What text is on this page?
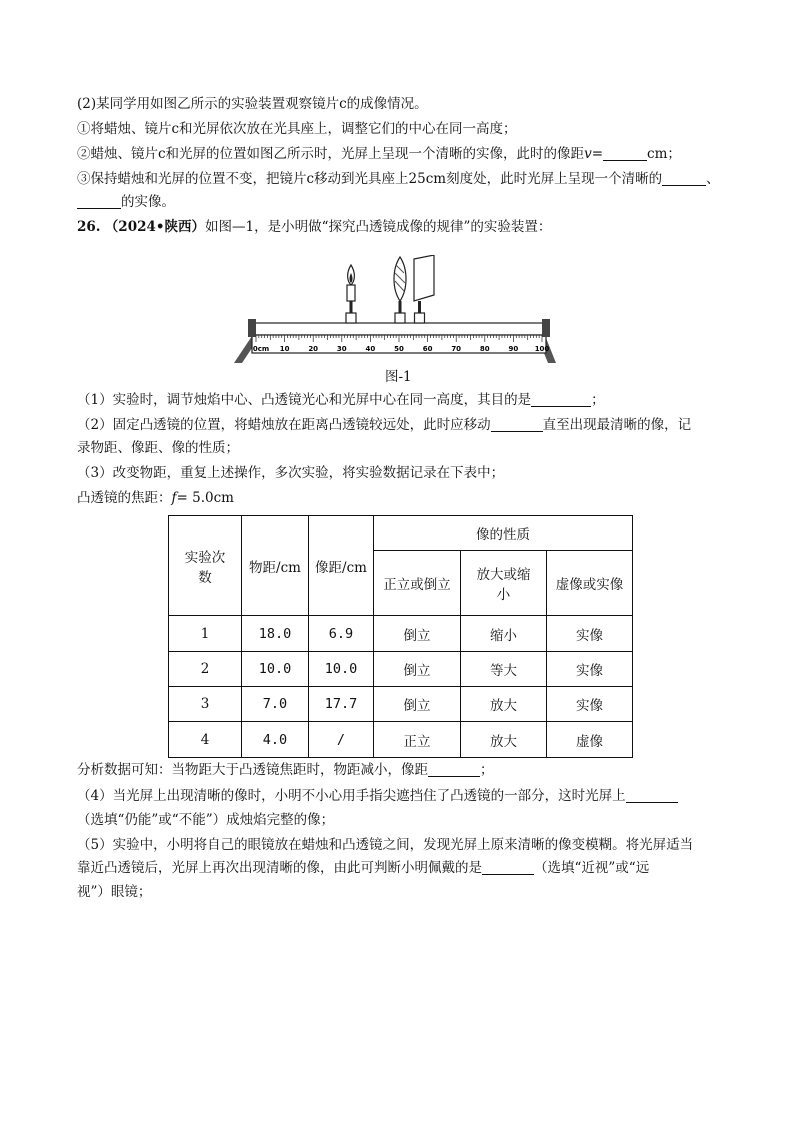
(2)某同学用如图乙所示的实验装置观察镜片c的成像情况。
①将蜡烛、镜片c和光屏依次放在光具座上，调整它们的中心在同一高度；
②蜡烛、镜片c和光屏的位置如图乙所示时，光屏上呈现一个清晰的实像，此时的像距v=	cm；
③保持蜡烛和光屏的位置不变，把镜片c移动到光具座上25cm刻度处，此时光屏上呈现一个清晰的	、
的实像。
26. （2024•陕西）如图—1，是小明做“探究凸透镜成像的规律”的实验装置：
0cm 10	20	30	40	50	60	70	80	90 100
图-1
（1）实验时，调节烛焰中心、凸透镜光心和光屏中心在同一高度，其目的是	；
（2）固定凸透镜的位置，将蜡烛放在距离凸透镜较远处，此时应移动	直至出现最清晰的像，记
录物距、像距、像的性质；
（3）改变物距，重复上述操作，多次实验，将实验数据记录在下表中；
凸透镜的焦距：f= 5.0cm
实验次
数	物距/cm	像距/cm	像的性质		
			正立或倒立	放大或缩
小	虚像或实像
1	18.0	6.9	倒立	缩小	实像
2	10.0	10.0	倒立	等大	实像
3	7.0	17.7	倒立	放大	实像
4	4.0	/	正立	放大	虚像
分析数据可知：当物距大于凸透镜焦距时，物距减小，像距	；
（4）当光屏上出现清晰的像时，小明不小心用手指尖遮挡住了凸透镜的一部分，这时光屏上
（选填“仍能”或“不能”）成烛焰完整的像；
（5）实验中，小明将自己的眼镜放在蜡烛和凸透镜之间，发现光屏上原来清晰的像变模糊。将光屏适当
靠近凸透镜后，光屏上再次出现清晰的像，由此可判断小明佩戴的是	（选填“近视”或“远
视”）眼镜；
